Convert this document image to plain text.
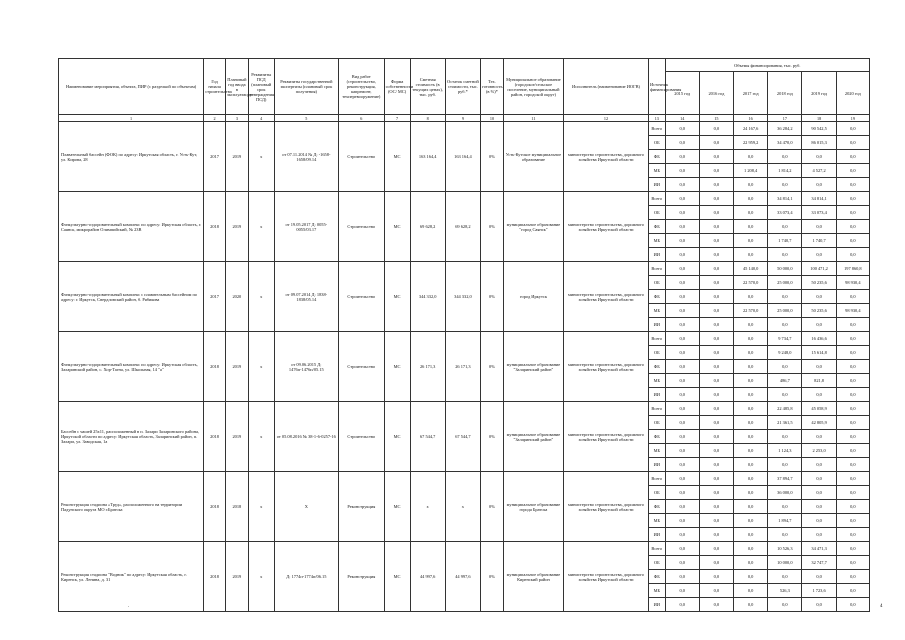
Наименование мероприятия, объекта, ПИР (с разделкой по объектам)	Год начала строительства	Плановый год ввода в эксплуатацию	Реквизиты ПСД (плановый срок утверждения ПСД)	Реквизиты государственной экспертизы (плановый срок получения)	Вид работ (строительство, реконструкция, капремонт, техперевооружение)	Форма собственности (ОС/ МС)	Сметная стоимость (в текущих ценах), тыс. руб.	Остаток сметной стоимости, тыс. руб.*	Тех. готовность (в %)*	Муниципальное образование (городское/сельское поселение, муниципальный район, городской округ)	Исполнитель (наименование ИОГВ)	Источник финансирования	Объемы финансирования, тыс. руб.					
													2015 год	2016 год	2017 год	2018 год	2019 год	2020 год
1	2	3	4	5	6	7	8	9	10	11	12	13	14	15	16	17	18	19
Плавательный бассейн (ФОК) по адресу: Иркутская область, г. Усть-Кут, ул. Кирова, 28	2017	2019	x	от 07.11.2014 № Д: -1658-1658/09.14	Строительство	МС	163 164,4	163 164,4	0%	Усть-Кутское муниципальное образование	министерство строительства, дорожного хозяйства Иркутской области	Всего	0,0	0,0	24 167,6	36 284,2	90 542,5	0,0
												ОБ	0,0	0,0	22 959,2	34 470,0	86 015,3	0,0
												ФБ	0,0	0,0	0,0	0,0	0,0	0,0
												МБ	0,0	0,0	1 208,4	1 814,2	4 527,2	0,0
												ИИ	0,0	0,0	0,0	0,0	0,0	0,0
Физкультурно-оздоровительный комплекс по адресу: Иркутская область, г. Саянск, микрорайон Олимпийский, № 23В	2018	2019	x	от 19.05.2017 Д: 0055-0055/03.17	Строительство	МС	69 628,2	69 628,2	0%	муниципальное образование "город Саянск"	министерство строительства, дорожного хозяйства Иркутской области	Всего	0,0	0,0	0,0	34 814,1	34 814,1	0,0
												ОБ	0,0	0,0	0,0	33 073,4	33 073,4	0,0
												ФБ	0,0	0,0	0,0	0,0	0,0	0,0
												МБ	0,0	0,0	0,0	1 740,7	1 740,7	0,0
												ИИ	0,0	0,0	0,0	0,0	0,0	0,0
Физкультурно-оздоровительный комплекс с плавательным бассейном по адресу: г. Иркутск, Свердловский район, б. Рябикова	2017	2020	x	от 09.07.2014 Д: 1838-1838/05.14	Строительство	МС	344 332,0	344 332,0	0%	город Иркутск	министерство строительства, дорожного хозяйства Иркутской области	Всего	0,0	0,0	45 140,0	50 000,0	100 471,2	197 860,8
												ОБ	0,0	0,0	22 570,0	25 000,0	50 235,6	98 930,4
												ФБ	0,0	0,0	0,0	0,0	0,0	0,0
												МБ	0,0	0,0	22 570,0	25 000,0	50 235,6	98 930,4
												ИИ	0,0	0,0	0,0	0,0	0,0	0,0
Физкультурно-оздоровительный комплекс по адресу: Иркутская область, Заларинский район, с. Хор-Тагна, ул. Школьная, 14 "а"	2018	2019	x	от 09.06.2015 Д: 1476п-1476п/05.15	Строительство	МС	26 171,3	26 171,3	0%	муниципальное образование "Заларинский район"	министерство строительства, дорожного хозяйства Иркутской области	Всего	0,0	0,0	0,0	9 734,7	16 436,6	0,0
												ОБ	0,0	0,0	0,0	9 248,0	15 614,8	0,0
												ФБ	0,0	0,0	0,0	0,0	0,0	0,0
												МБ	0,0	0,0	0,0	486,7	821,8	0,0
												ИИ	0,0	0,0	0,0	0,0	0,0	0,0
Бассейн с чашей 25х11, расположенный в п. Залари Заларинского района, Иркутской области по адресу: Иркутская область, Заларинский район, п. Залари, ул. Заводская, 1а	2018	2019	x	от 05.08.2016 № 38-1-6-0257-16	Строительство	МС	67 544,7	67 544,7	0%	муниципальное образование "Заларинский район"	министерство строительства, дорожного хозяйства Иркутской области	Всего	0,0	0,0	0,0	22 485,8	45 058,9	0,0
												ОБ	0,0	0,0	0,0	21 361,5	42 805,9	0,0
												ФБ	0,0	0,0	0,0	0,0	0,0	0,0
												МБ	0,0	0,0	0,0	1 124,3	2 253,0	0,0
												ИИ	0,0	0,0	0,0	0,0	0,0	0,0
Реконструкция стадиона «Труд», расположенного на территории Падунского округа МО г.Братска	2018	2018	x	X	Реконструкция	МС	x	x	0%	муниципальное образование города Братска	министерство строительства, дорожного хозяйства Иркутской области	Всего	0,0	0,0	0,0	37 894,7	0,0	0,0
												ОБ	0,0	0,0	0,0	36 000,0	0,0	0,0
												ФБ	0,0	0,0	0,0	0,0	0,0	0,0
												МБ	0,0	0,0	0,0	1 894,7	0,0	0,0
												ИИ	0,0	0,0	0,0	0,0	0,0	0,0
Реконструкция стадиона "Водник" по адресу: Иркутская область, г. Киренск, ул. Ленина, д. 31	2018	2019	x	Д: 1774п-1774п/06.15	Реконструкция	МС	44 997,6	44 997,6	0%	муниципальное образование Киренский район	министерство строительства, дорожного хозяйства Иркутской области	Всего	0,0	0,0	0,0	10 526,3	34 471,3	0,0
												ОБ	0,0	0,0	0,0	10 000,0	32 747,7	0,0
												ФБ	0,0	0,0	0,0	0,0	0,0	0,0
												МБ	0,0	0,0	0,0	526,3	1 723,6	0,0
												ИИ	0,0	0,0	0,0	0,0	0,0	0,0
.	4
